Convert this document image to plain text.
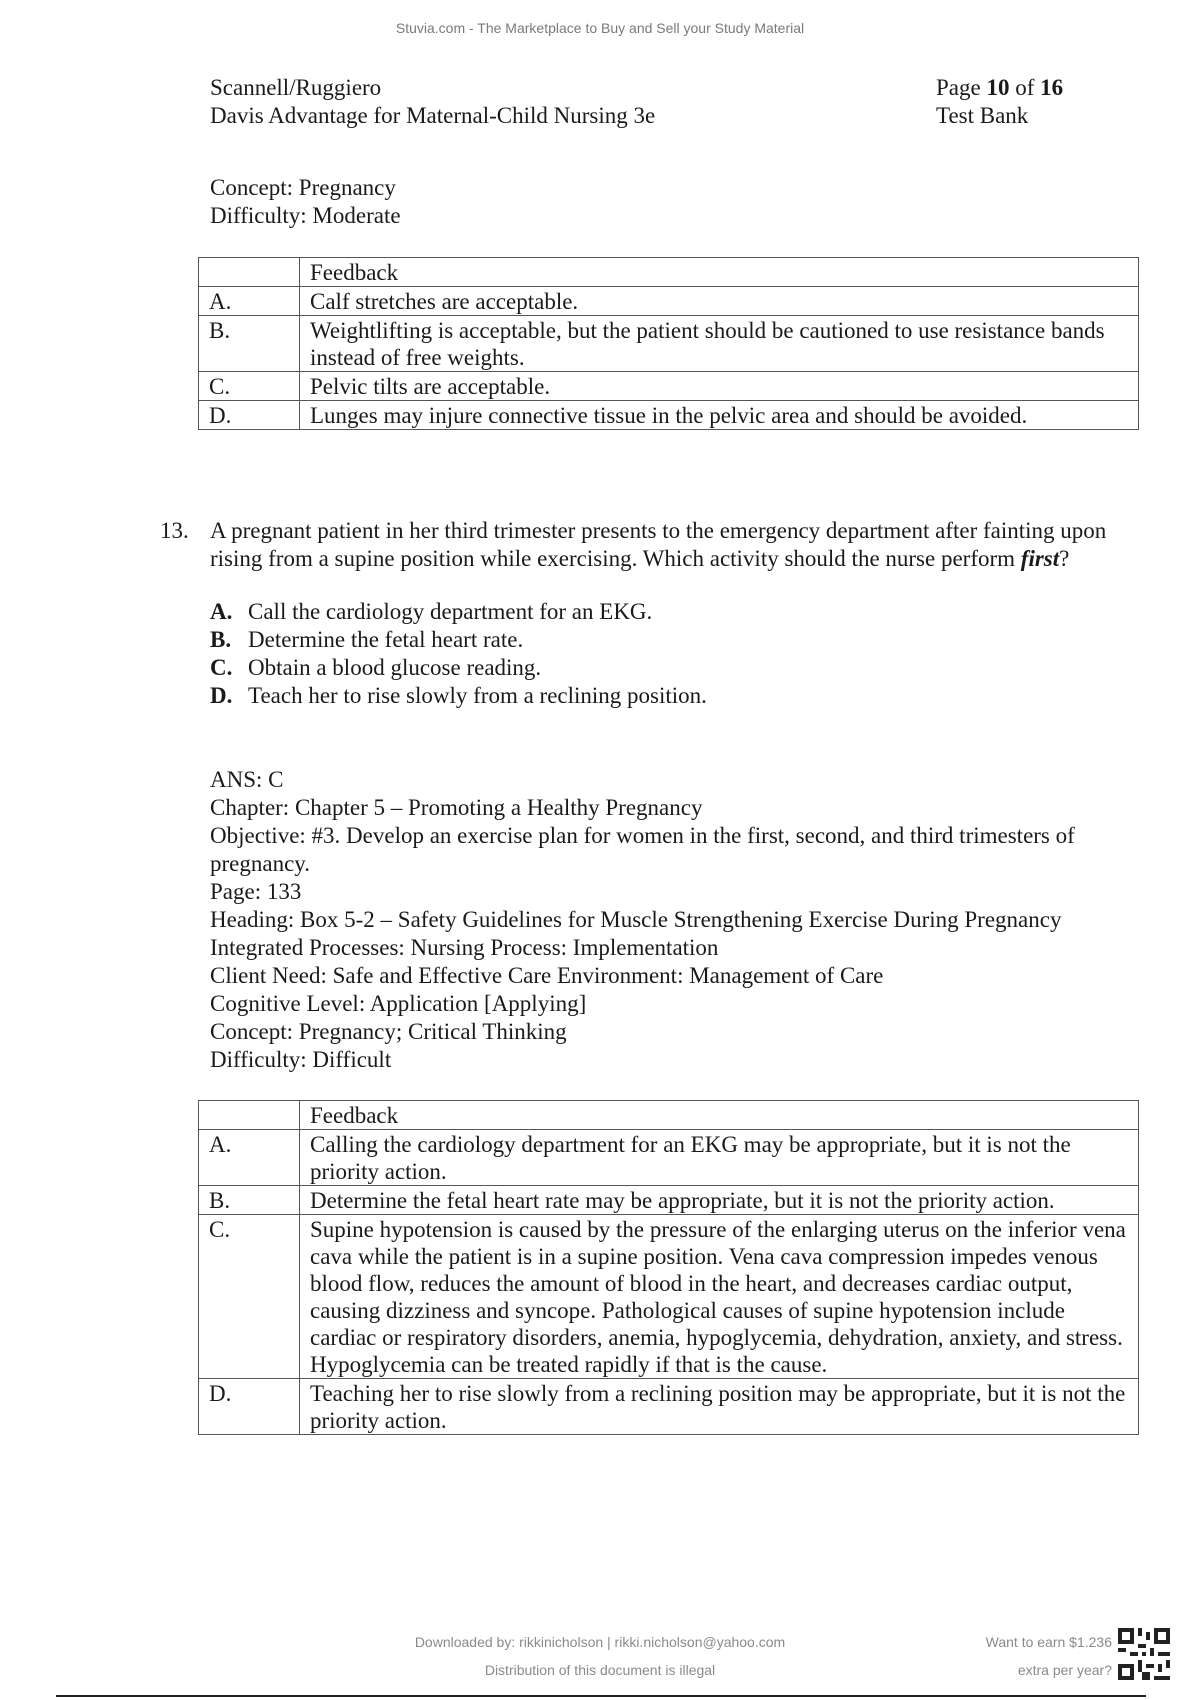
Stuvia.com - The Marketplace to Buy and Sell your Study Material
Scannell/Ruggiero
Davis Advantage for Maternal-Child Nursing 3e
Page 10 of 16
Test Bank
Concept: Pregnancy
Difficulty: Moderate
	Feedback
A.	Calf stretches are acceptable.
B.	Weightlifting is acceptable, but the patient should be cautioned to use resistance bands instead of free weights.
C.	Pelvic tilts are acceptable.
D.	Lunges may injure connective tissue in the pelvic area and should be avoided.
13. A pregnant patient in her third trimester presents to the emergency department after fainting upon rising from a supine position while exercising. Which activity should the nurse perform first?
A. Call the cardiology department for an EKG.
B. Determine the fetal heart rate.
C. Obtain a blood glucose reading.
D. Teach her to rise slowly from a reclining position.
ANS: C
Chapter: Chapter 5 – Promoting a Healthy Pregnancy
Objective: #3. Develop an exercise plan for women in the first, second, and third trimesters of pregnancy.
Page: 133
Heading: Box 5-2 – Safety Guidelines for Muscle Strengthening Exercise During Pregnancy
Integrated Processes: Nursing Process: Implementation
Client Need: Safe and Effective Care Environment: Management of Care
Cognitive Level: Application [Applying]
Concept: Pregnancy; Critical Thinking
Difficulty: Difficult
	Feedback
A.	Calling the cardiology department for an EKG may be appropriate, but it is not the priority action.
B.	Determine the fetal heart rate may be appropriate, but it is not the priority action.
C.	Supine hypotension is caused by the pressure of the enlarging uterus on the inferior vena cava while the patient is in a supine position. Vena cava compression impedes venous blood flow, reduces the amount of blood in the heart, and decreases cardiac output, causing dizziness and syncope. Pathological causes of supine hypotension include cardiac or respiratory disorders, anemia, hypoglycemia, dehydration, anxiety, and stress. Hypoglycemia can be treated rapidly if that is the cause.
D.	Teaching her to rise slowly from a reclining position may be appropriate, but it is not the priority action.
Downloaded by: rikkinicholson | rikki.nicholson@yahoo.com
Distribution of this document is illegal
Want to earn $1.236
extra per year?
